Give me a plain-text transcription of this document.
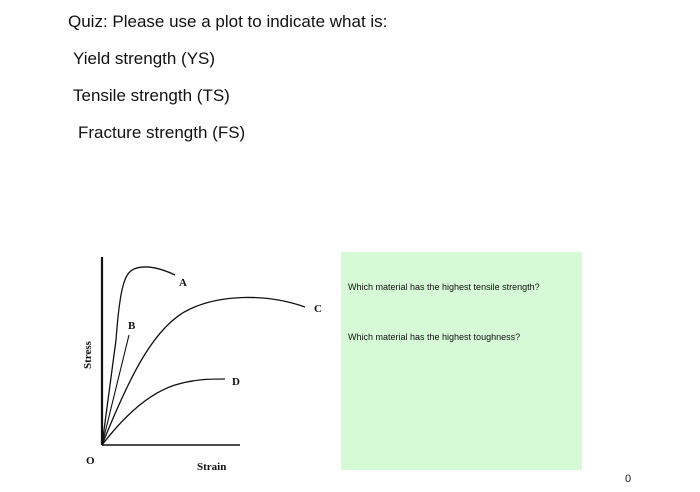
Quiz: Please use a plot to indicate what is:
Yield strength (YS)
Tensile strength (TS)
Fracture strength (FS)
A
B
C
D
O	Strain
Stress
Which material has the highest tensile strength?
Which material has the highest toughness?
0
